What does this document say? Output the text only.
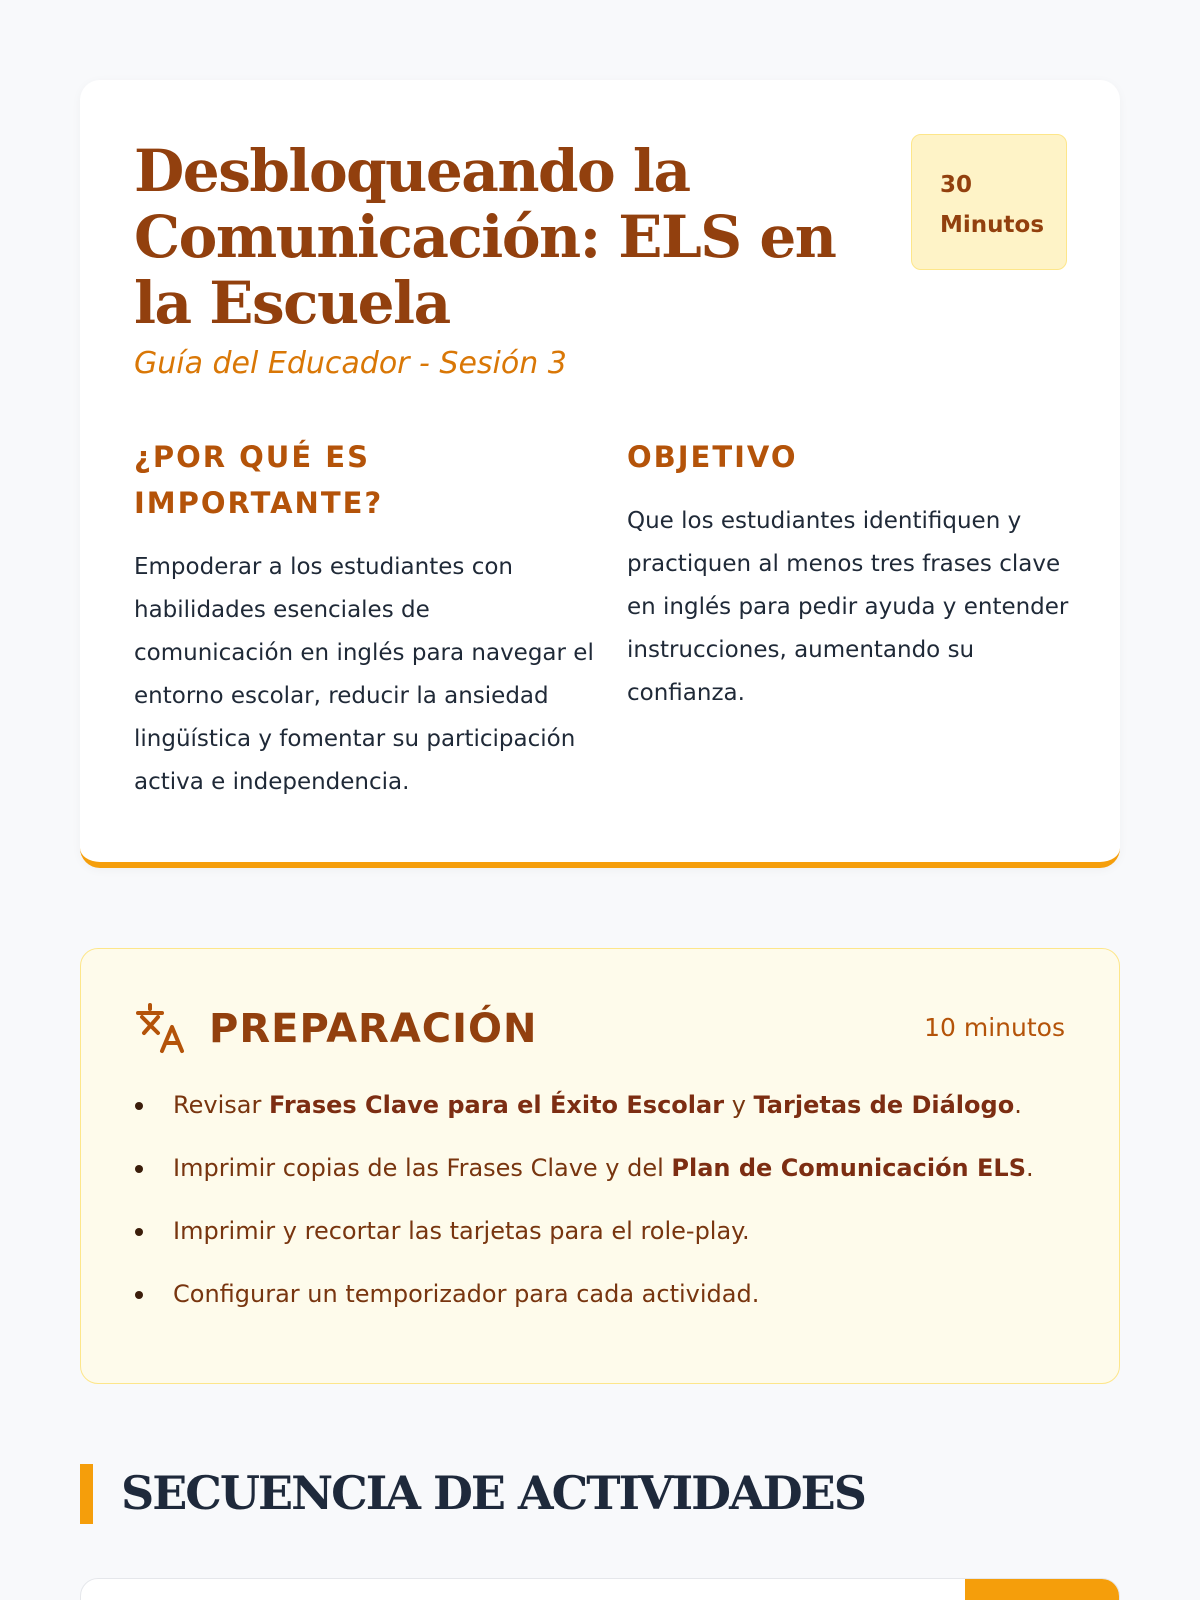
Desbloqueando la Comunicación: ELS en la Escuela
30
Minutos

Guía del Educador - Sesión 3

¿POR QUÉ ES IMPORTANTE?

Empoderar a los estudiantes con habilidades esenciales de comunicación en inglés para navegar el entorno escolar, reducir la ansiedad lingüística y fomentar su participación activa e independencia.

OBJETIVO

Que los estudiantes identifiquen y practiquen al menos tres frases clave en inglés para pedir ayuda y entender instrucciones, aumentando su confianza.

PREPARACIÓN	10 minutos
Revisar Frases Clave para el Éxito Escolar y Tarjetas de Diálogo.
Imprimir copias de las Frases Clave y del Plan de Comunicación ELS.
Imprimir y recortar las tarjetas para el role-play.
Configurar un temporizador para cada actividad.
SECUENCIA DE ACTIVIDADES
